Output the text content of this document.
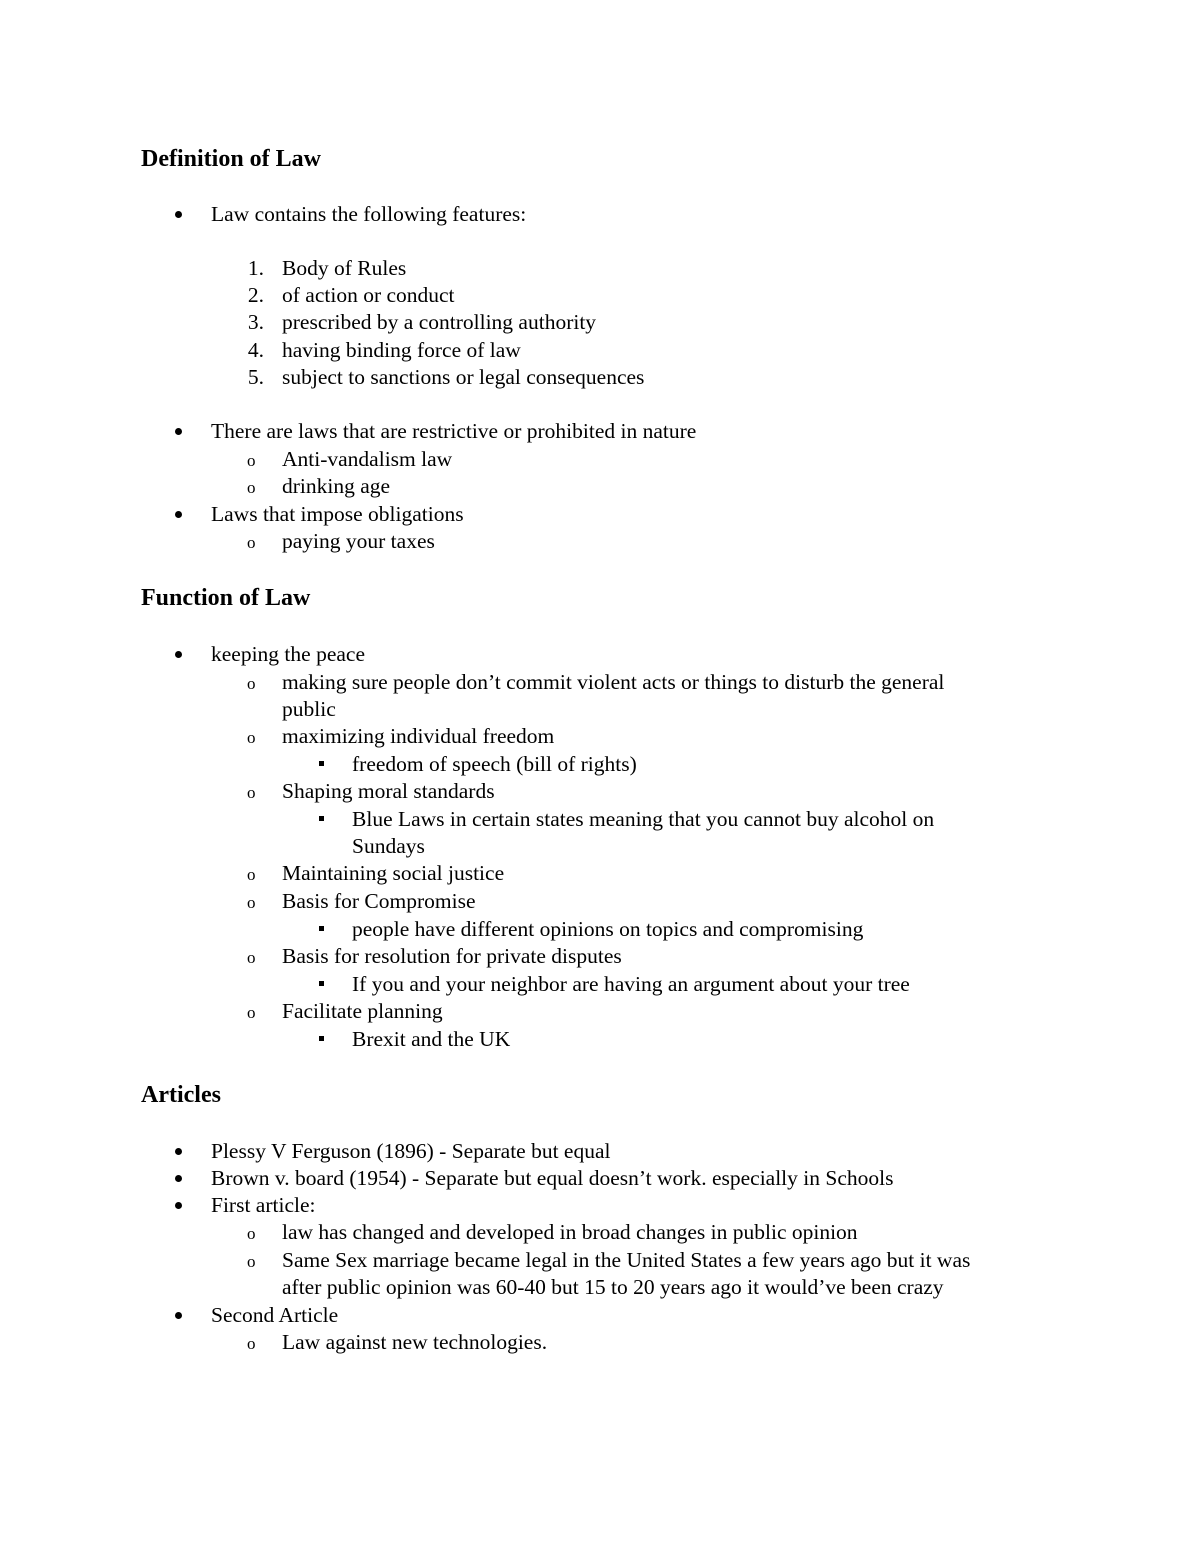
Definition of Law
Law contains the following features:
1. Body of Rules
2. of action or conduct
3. prescribed by a controlling authority
4. having binding force of law
5. subject to sanctions or legal consequences
There are laws that are restrictive or prohibited in nature
o Anti-vandalism law
o drinking age
Laws that impose obligations
o paying your taxes
Function of Law
keeping the peace
o making sure people don’t commit violent acts or things to disturb the general
public
o maximizing individual freedom
freedom of speech (bill of rights)
o Shaping moral standards
Blue Laws in certain states meaning that you cannot buy alcohol on
Sundays
o Maintaining social justice
o Basis for Compromise
people have different opinions on topics and compromising
o Basis for resolution for private disputes
If you and your neighbor are having an argument about your tree
o Facilitate planning
Brexit and the UK
Articles
Plessy V Ferguson (1896) - Separate but equal
Brown v. board (1954) - Separate but equal doesn’t work. especially in Schools
First article:
o law has changed and developed in broad changes in public opinion
o Same Sex marriage became legal in the United States a few years ago but it was
after public opinion was 60-40 but 15 to 20 years ago it would’ve been crazy
Second Article
o Law against new technologies.
